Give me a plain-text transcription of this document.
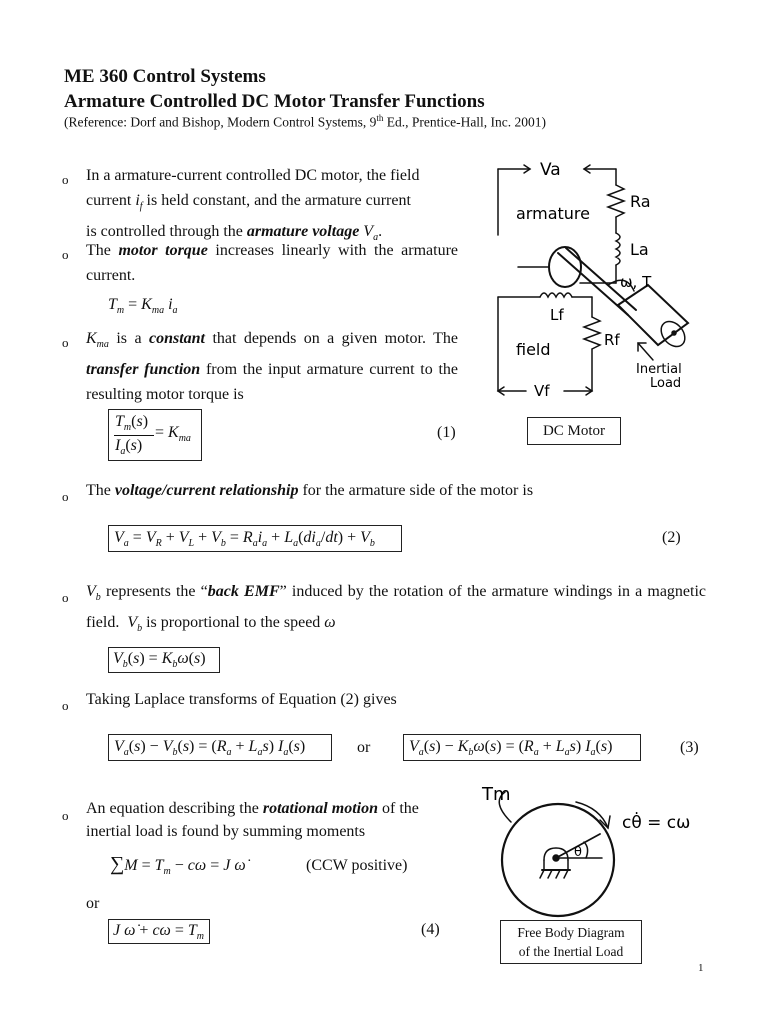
ME 360 Control Systems
Armature Controlled DC Motor Transfer Functions
(Reference: Dorf and Bishop, Modern Control Systems, 9th Ed., Prentice-Hall, Inc. 2001)
o In a armature-current controlled DC motor, the field
current $i_f$ is held constant, and the armature current
is controlled through the armature voltage $V_a$.
o The motor torque increases linearly with the armature current.
$T_m = K_{ma}$ $i_a$
o $K_{ma}$ is a constant that depends on a given motor. The transfer function from the input armature current to the resulting motor torque is
$T_m(s)$
$I_a(s)$
= $K_{ma}$	(1)
o The voltage/current relationship for the armature side of the motor is
$V_a = V_R + V_L + V_b = R_ai_a + L_a(di_a/dt) + V_b$	(2)
o $V_b$ represents the “back EMF” induced by the rotation of the armature windings in a magnetic field. $V_b$ is proportional to the speed ω
$V_b(s) = K_b\omega(s)$
o Taking Laplace transforms of Equation (2) gives
$V_a(s) - V_b(s) = (R_a + L_as)$ $I_a(s)$	or	$V_a(s) - K_b\omega(s) = (R_a + L_as)$ $I_a(s)$	(3)
o An equation describing the rotational motion of the inertial load is found by summing moments
$\sum M = T_m - c\omega = J$ ω̇	(CCW positive)
or
J ω̇ + $c\omega = T_m$	(4)
Va
Ra
La
armature
ω, T
Lf
Rf
field
Inertial
Load
Vf
DC Motor
Tm
θ
cθ̇ = cω
Free Body Diagram
of the Inertial Load
1
